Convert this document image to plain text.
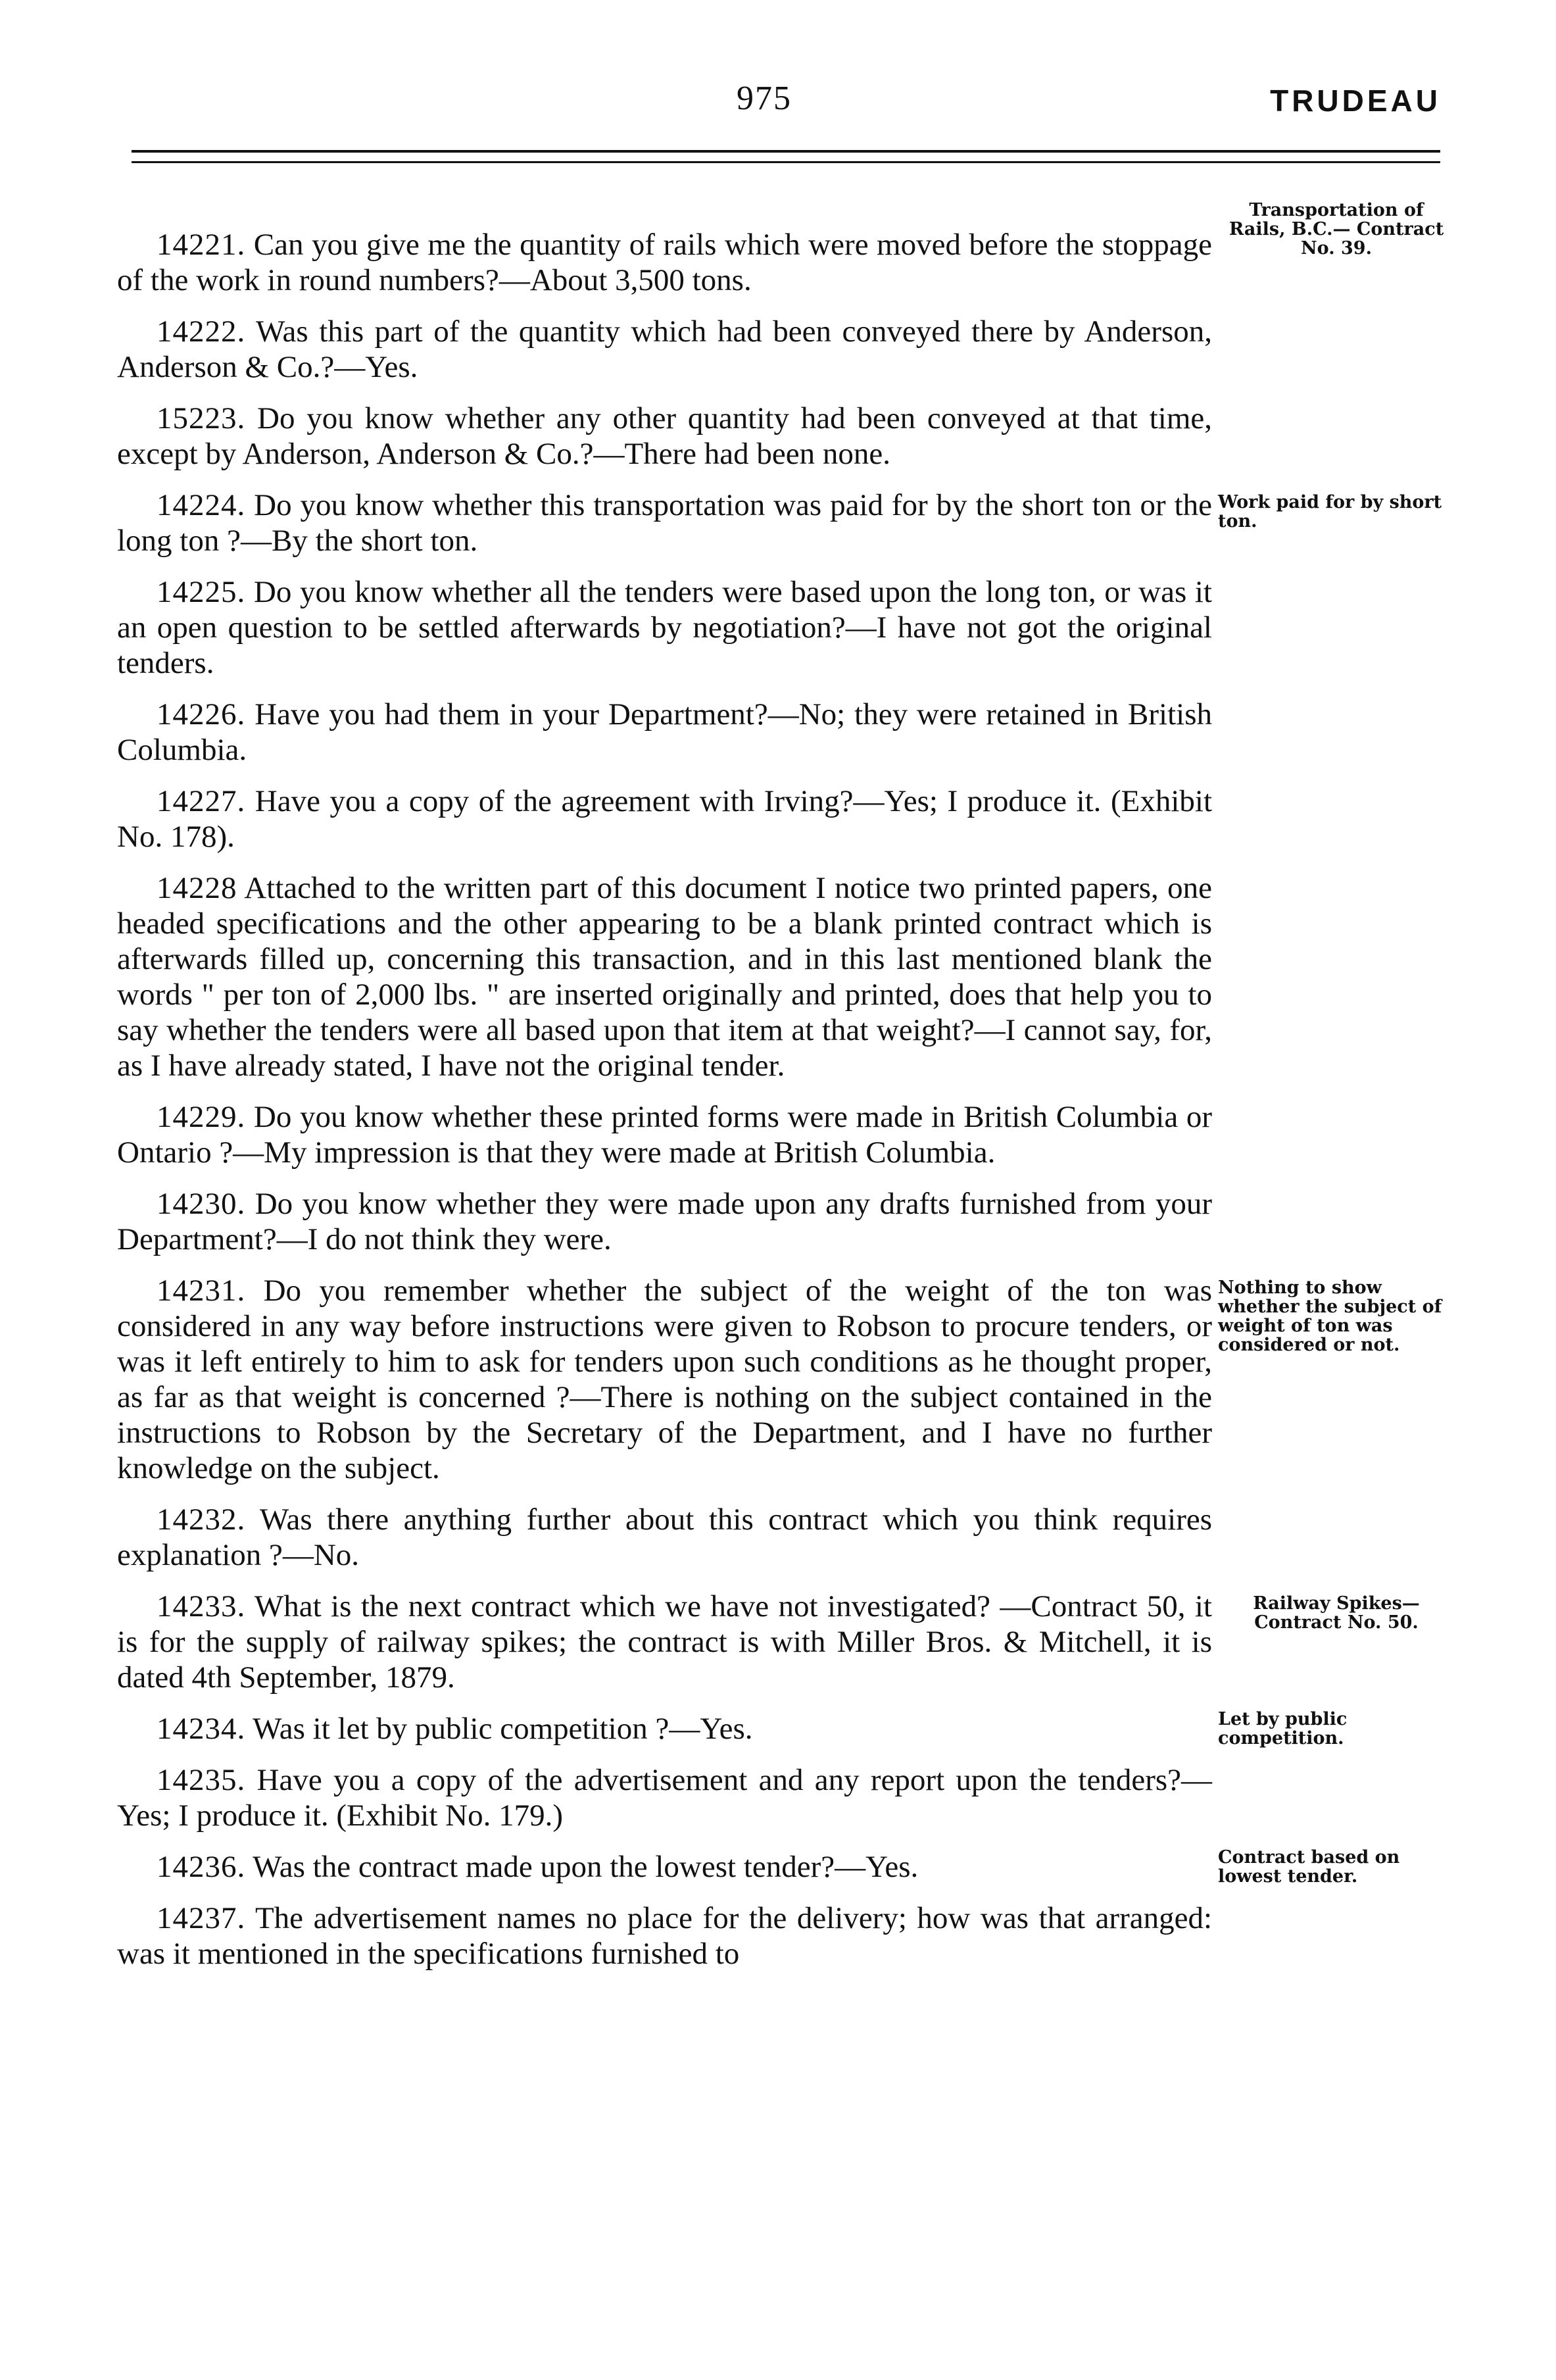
975	TRUDEAU

14221. Can you give me the quantity of rails which were moved before the stoppage of the work in round numbers?—About 3,500 tons.

14222. Was this part of the quantity which had been conveyed there by Anderson, Anderson & Co.?—Yes.

15223. Do you know whether any other quantity had been conveyed at that time, except by Anderson, Anderson & Co.?—There had been none.

14224. Do you know whether this transportation was paid for by the short ton or the long ton ?—By the short ton.

14225. Do you know whether all the tenders were based upon the long ton, or was it an open question to be settled afterwards by negotiation?—I have not got the original tenders.

14226. Have you had them in your Department?—No; they were retained in British Columbia.

14227. Have you a copy of the agreement with Irving?—Yes; I produce it. (Exhibit No. 178).

14228 Attached to the written part of this document I notice two printed papers, one headed specifications and the other appearing to be a blank printed contract which is afterwards filled up, concerning this transaction, and in this last mentioned blank the words " per ton of 2,000 lbs. " are inserted originally and printed, does that help you to say whether the tenders were all based upon that item at that weight?—I cannot say, for, as I have already stated, I have not the original tender.

14229. Do you know whether these printed forms were made in British Columbia or Ontario ?—My impression is that they were made at British Columbia.

14230. Do you know whether they were made upon any drafts furnished from your Department?—I do not think they were.

14231. Do you remember whether the subject of the weight of the ton was considered in any way before instructions were given to Robson to procure tenders, or was it left entirely to him to ask for tenders upon such conditions as he thought proper, as far as that weight is concerned ?—There is nothing on the subject contained in the instructions to Robson by the Secretary of the Department, and I have no further knowledge on the subject.

14232. Was there anything further about this contract which you think requires explanation ?—No.

14233. What is the next contract which we have not investigated? —Contract 50, it is for the supply of railway spikes; the contract is with Miller Bros. & Mitchell, it is dated 4th September, 1879.

14234. Was it let by public competition ?—Yes.

14235. Have you a copy of the advertisement and any report upon the tenders?—Yes; I produce it. (Exhibit No. 179.)

14236. Was the contract made upon the lowest tender?—Yes.

14237. The advertisement names no place for the delivery; how was that arranged: was it mentioned in the specifications furnished to

Transportation of Rails, B.C.— Contract No. 39.
Work paid for by short ton.
Nothing to show whether the subject of weight of ton was considered or not.
Railway Spikes— Contract No. 50.
Let by public competition.
Contract based on lowest tender.
